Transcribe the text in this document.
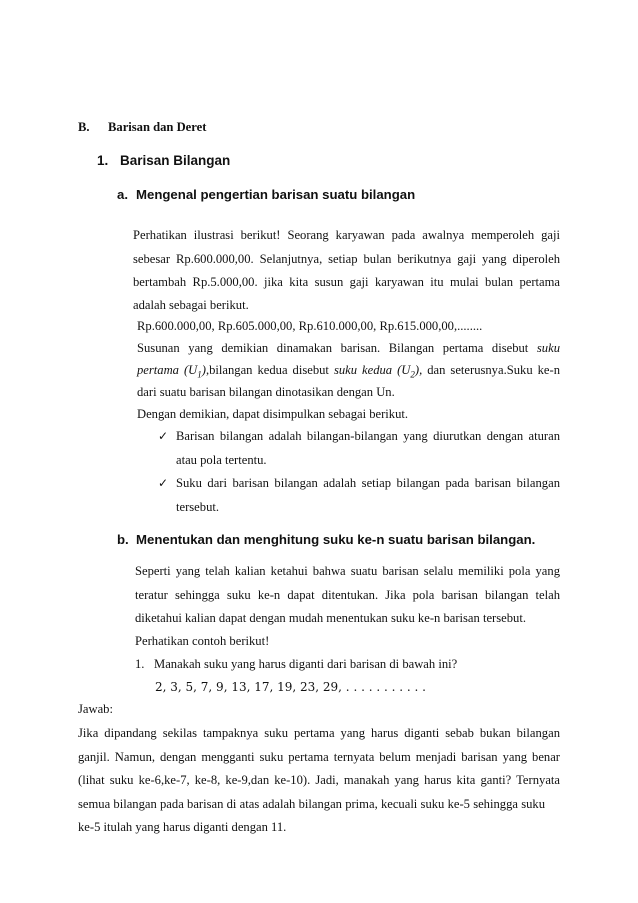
B. Barisan dan Deret
1. Barisan Bilangan
a. Mengenal pengertian barisan suatu bilangan
Perhatikan ilustrasi berikut! Seorang karyawan pada awalnya memperoleh gaji
sebesar Rp.600.000,00. Selanjutnya, setiap bulan berikutnya gaji yang diperoleh
bertambah Rp.5.000,00. jika kita susun gaji karyawan itu mulai bulan pertama
adalah sebagai berikut.
Rp.600.000,00, Rp.605.000,00, Rp.610.000,00, Rp.615.000,00,........
Susunan yang demikian dinamakan barisan. Bilangan pertama disebut suku
pertama $(U_1),bilangan$ kedua disebut suku kedua $(U_2)$, dan seterusnya.Suku ke-n
dari suatu barisan bilangan dinotasikan dengan Un.
Dengan demikian, dapat disimpulkan sebagai berikut.
✓ Barisan bilangan adalah bilangan-bilangan yang diurutkan dengan aturan
atau pola tertentu.
✓ Suku dari barisan bilangan adalah setiap bilangan pada barisan bilangan
tersebut.
b. Menentukan dan menghitung suku ke-n suatu barisan bilangan.
Seperti yang telah kalian ketahui bahwa suatu barisan selalu memiliki pola yang
teratur sehingga suku ke-n dapat ditentukan. Jika pola barisan bilangan telah
diketahui kalian dapat dengan mudah menentukan suku ke-n barisan tersebut.
Perhatikan contoh berikut!
1. Manakah suku yang harus diganti dari barisan di bawah ini?
2, 3, 5, 7, 9, 13, 17, 19, 23, 29, . . . . . . . . . . .
Jawab:
Jika dipandang sekilas tampaknya suku pertama yang harus diganti sebab bukan bilangan
ganjil. Namun, dengan mengganti suku pertama ternyata belum menjadi barisan yang benar
(lihat suku ke-6,ke-7, ke-8, ke-9,dan ke-10). Jadi, manakah yang harus kita ganti? Ternyata
semua bilangan pada barisan di atas adalah bilangan prima, kecuali suku ke-5 sehingga suku
ke-5 itulah yang harus diganti dengan 11.
